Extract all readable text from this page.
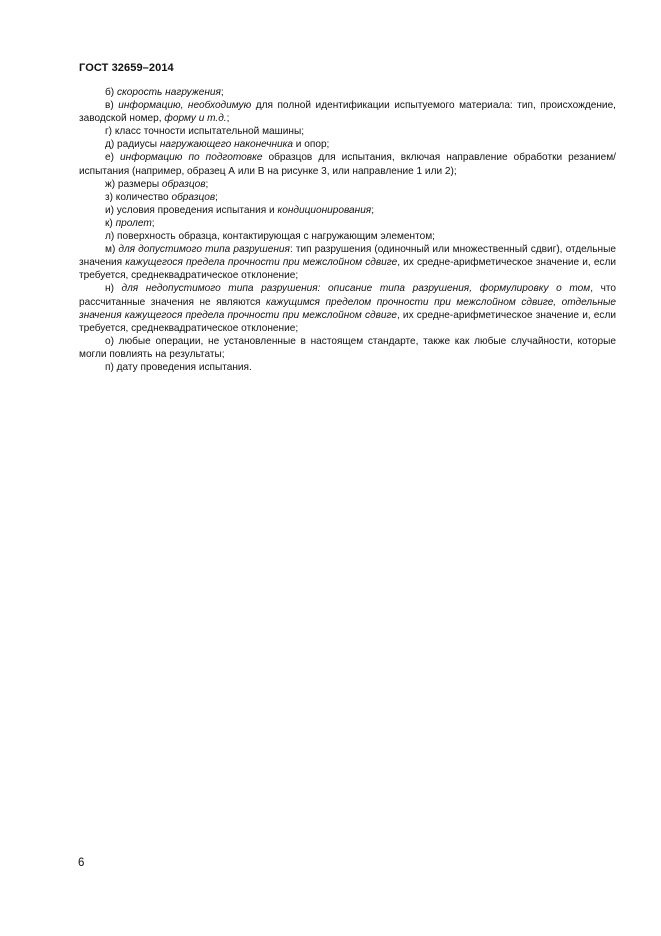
ГОСТ 32659–2014

б) скорость нагружения;

в) информацию, необходимую для полной идентификации испытуемого материала: тип, происхождение, заводской номер, форму и т.д.;

г) класс точности испытательной машины;

д) радиусы нагружающего наконечника и опор;

е) информацию по подготовке образцов для испытания, включая направление обработки резанием/испытания (например, образец А или В на рисунке 3, или направление 1 или 2);

ж) размеры образцов;

з) количество образцов;

и) условия проведения испытания и кондиционирования;

к) пролет;

л) поверхность образца, контактирующая с нагружающим элементом;

м) для допустимого типа разрушения: тип разрушения (одиночный или множественный сдвиг), отдельные значения кажущегося предела прочности при межслойном сдвиге, их средне-арифметическое значение и, если требуется, среднеквадратическое отклонение;

н) для недопустимого типа разрушения: описание типа разрушения, формулировку о том, что рассчитанные значения не являются кажущимся пределом прочности при межслойном сдвиге, отдельные значения кажущегося предела прочности при межслойном сдвиге, их средне-арифметическое значение и, если требуется, среднеквадратическое отклонение;

о) любые операции, не установленные в настоящем стандарте, также как любые случайности, которые могли повлиять на результаты;

п) дату проведения испытания.

6
